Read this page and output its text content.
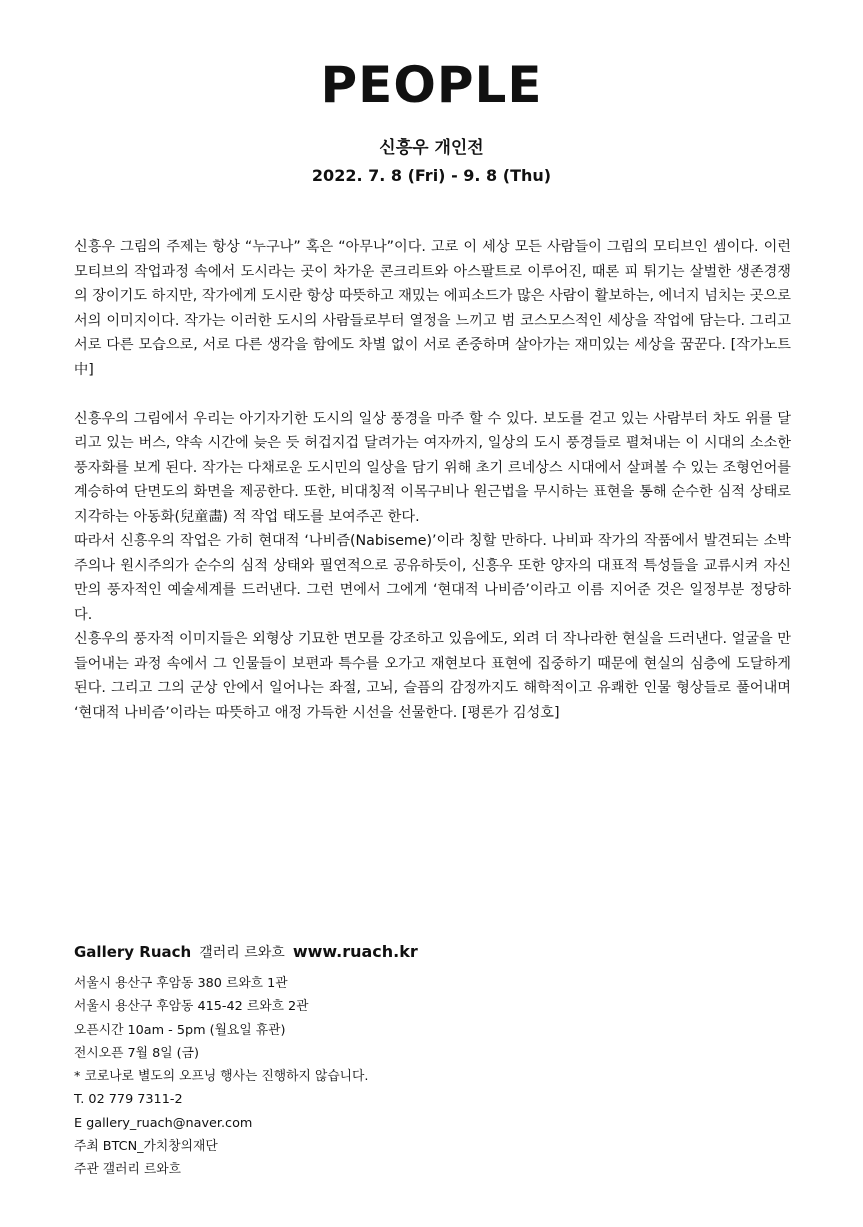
PEOPLE
신흥우 개인전
2022. 7. 8 (Fri) - 9. 8 (Thu)

신흥우 그림의 주제는 항상 “누구나” 혹은 “아무나”이다. 고로 이 세상 모든 사람들이 그림의 모티브인 셈이다. 이런 모티브의 작업과정 속에서 도시라는 곳이 차가운 콘크리트와 아스팔트로 이루어진, 때론 피 튀기는 살벌한 생존경쟁의 장이기도 하지만, 작가에게 도시란 항상 따뜻하고 재밌는 에피소드가 많은 사람이 활보하는, 에너지 넘치는 곳으로서의 이미지이다. 작가는 이러한 도시의 사람들로부터 열정을 느끼고 범 코스모스적인 세상을 작업에 담는다. 그리고 서로 다른 모습으로, 서로 다른 생각을 함에도 차별 없이 서로 존중하며 살아가는 재미있는 세상을 꿈꾼다. [작가노트中]

신흥우의 그림에서 우리는 아기자기한 도시의 일상 풍경을 마주 할 수 있다. 보도를 걷고 있는 사람부터 차도 위를 달리고 있는 버스, 약속 시간에 늦은 듯 허겁지겁 달려가는 여자까지, 일상의 도시 풍경들로 펼쳐내는 이 시대의 소소한 풍자화를 보게 된다. 작가는 다채로운 도시민의 일상을 담기 위해 초기 르네상스 시대에서 살펴볼 수 있는 조형언어를 계승하여 단면도의 화면을 제공한다. 또한, 비대칭적 이목구비나 원근법을 무시하는 표현을 통해 순수한 심적 상태로 지각하는 아동화(兒童畵) 적 작업 태도를 보여주곤 한다.

따라서 신흥우의 작업은 가히 현대적 ‘나비즘(Nabiseme)’이라 칭할 만하다. 나비파 작가의 작품에서 발견되는 소박주의나 원시주의가 순수의 심적 상태와 필연적으로 공유하듯이, 신흥우 또한 양자의 대표적 특성들을 교류시켜 자신만의 풍자적인 예술세계를 드러낸다. 그런 면에서 그에게 ‘현대적 나비즘’이라고 이름 지어준 것은 일정부분 정당하다.

신흥우의 풍자적 이미지들은 외형상 기묘한 면모를 강조하고 있음에도, 외려 더 작나라한 현실을 드러낸다. 얼굴을 만들어내는 과정 속에서 그 인물들이 보편과 특수를 오가고 재현보다 표현에 집중하기 때문에 현실의 심층에 도달하게 된다. 그리고 그의 군상 안에서 일어나는 좌절, 고뇌, 슬픔의 감정까지도 해학적이고 유쾌한 인물 형상들로 풀어내며 ‘현대적 나비즘’이라는 따뜻하고 애정 가득한 시선을 선물한다. [평론가 김성호]

Gallery Ruach 갤러리 르와흐 www.ruach.kr
서울시 용산구 후암동 380 르와흐 1관
서울시 용산구 후암동 415-42 르와흐 2관
오픈시간 10am - 5pm (월요일 휴관)
전시오픈 7월 8일 (금)
* 코로나로 별도의 오프닝 행사는 진행하지 않습니다.
T. 02 779 7311-2
E gallery_ruach@naver.com
주최 BTCN_가치창의재단
주관 갤러리 르와흐
